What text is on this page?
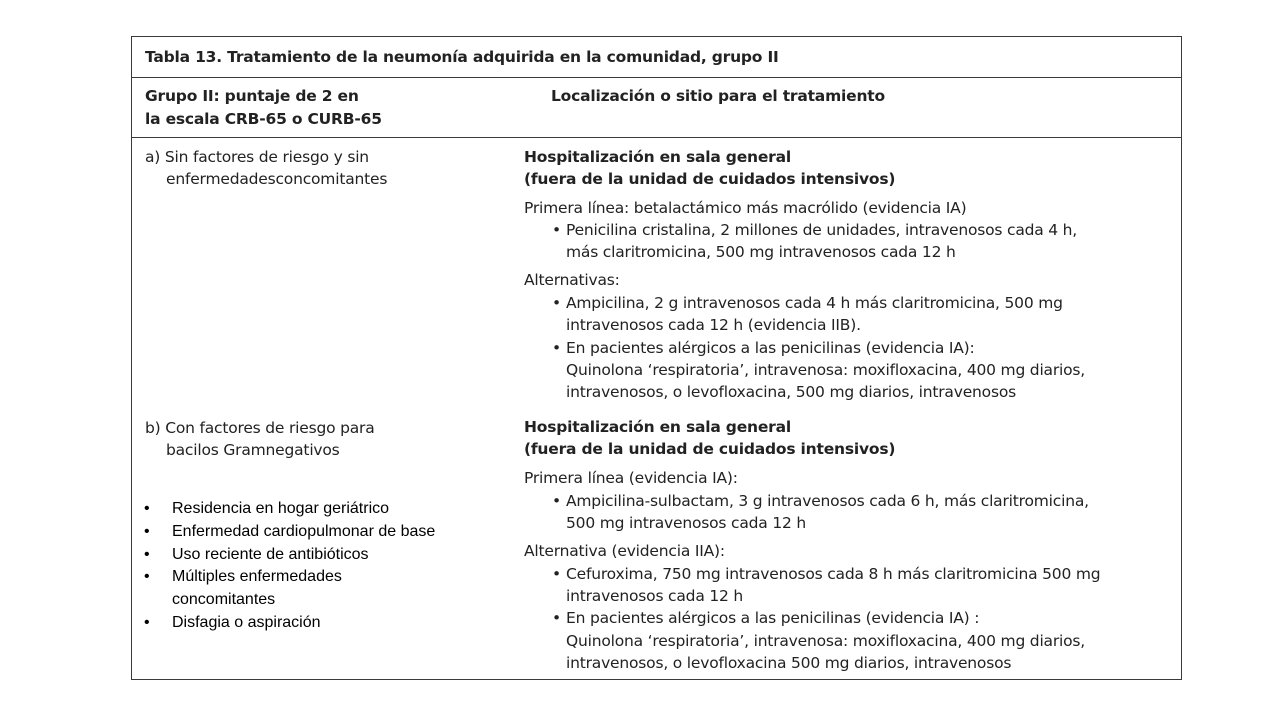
Tabla 13. Tratamiento de la neumonía adquirida en la comunidad, grupo II
Grupo II: puntaje de 2 en
la escala CRB-65 o CURB-65
Localización o sitio para el tratamiento
a) Sin factores de riesgo y sin
enfermedadesconcomitantes
Hospitalización en sala general
(fuera de la unidad de cuidados intensivos)
Primera línea: betalactámico más macrólido (evidencia IA)
• Penicilina cristalina, 2 millones de unidades, intravenosos cada 4 h,
más claritromicina, 500 mg intravenosos cada 12 h
Alternativas:
• Ampicilina, 2 g intravenosos cada 4 h más claritromicina, 500 mg
intravenosos cada 12 h (evidencia IIB).
• En pacientes alérgicos a las penicilinas (evidencia IA):
Quinolona ‘respiratoria’, intravenosa: moxifloxacina, 400 mg diarios,
intravenosos, o levofloxacina, 500 mg diarios, intravenosos
b) Con factores de riesgo para
bacilos Gramnegativos
Hospitalización en sala general
(fuera de la unidad de cuidados intensivos)
Primera línea (evidencia IA):
• Ampicilina-sulbactam, 3 g intravenosos cada 6 h, más claritromicina,
500 mg intravenosos cada 12 h
Alternativa (evidencia IIA):
• Cefuroxima, 750 mg intravenosos cada 8 h más claritromicina 500 mg
intravenosos cada 12 h
• En pacientes alérgicos a las penicilinas (evidencia IA) :
Quinolona ‘respiratoria’, intravenosa: moxifloxacina, 400 mg diarios,
intravenosos, o levofloxacina 500 mg diarios, intravenosos
• Residencia en hogar geriátrico
• Enfermedad cardiopulmonar de base
• Uso reciente de antibióticos
• Múltiples enfermedades
concomitantes
• Disfagia o aspiración
